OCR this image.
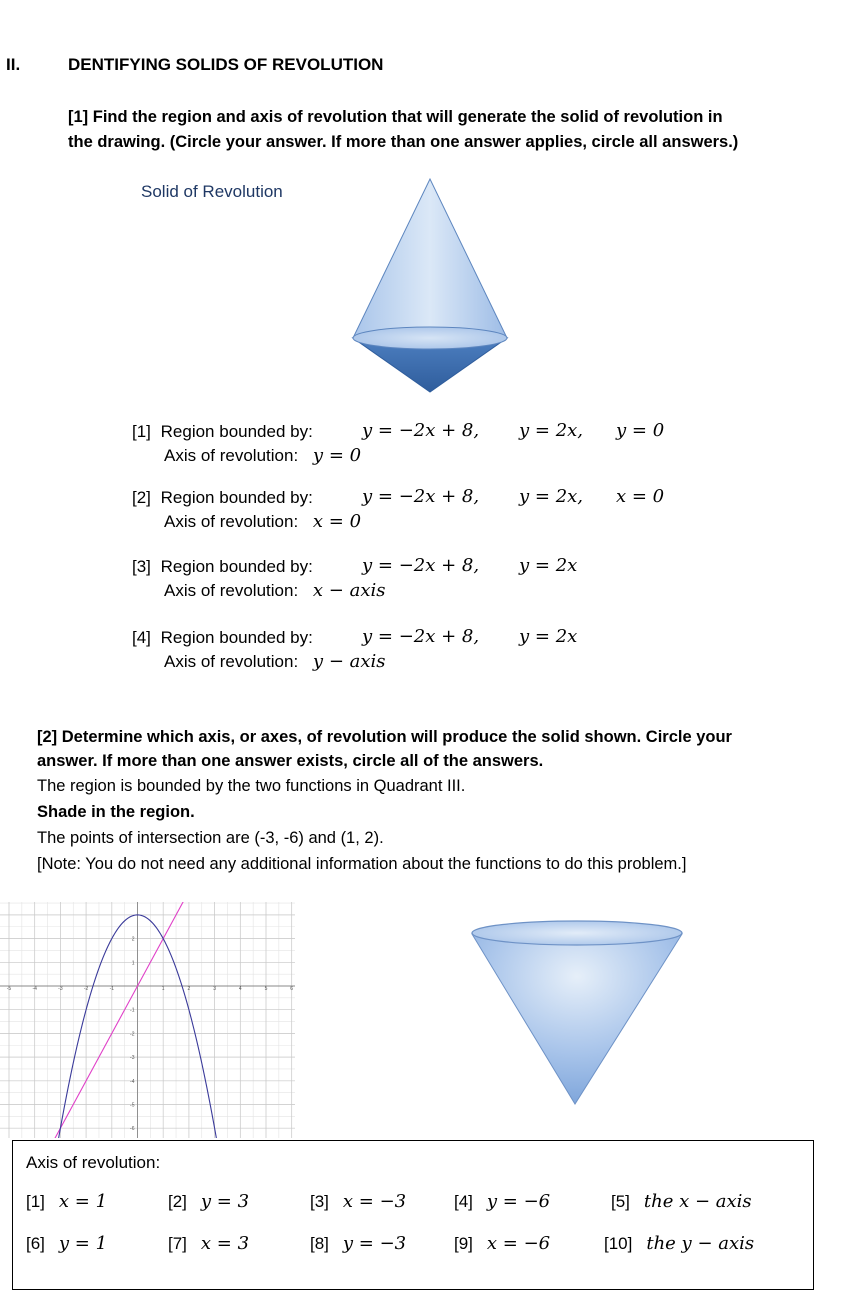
II.	DENTIFYING SOLIDS OF REVOLUTION
[1] Find the region and axis of revolution that will generate the solid of revolution in
the drawing. (Circle your answer. If more than one answer applies, circle all answers.)
Solid of Revolution
[1] Region bounded by:	y = −2x + 8, y = 2x, y = 0
Axis of revolution: y = 0
[2] Region bounded by:	y = −2x + 8, y = 2x, x = 0
Axis of revolution: x = 0
[3] Region bounded by:	y = −2x + 8, y = 2x
Axis of revolution: x − axis
[4] Region bounded by:	y = −2x + 8, y = 2x
Axis of revolution: y − axis
[2] Determine which axis, or axes, of revolution will produce the solid shown. Circle your
answer. If more than one answer exists, circle all of the answers.
The region is bounded by the two functions in Quadrant III.
Shade in the region.
The points of intersection are (-3, -6) and (1, 2).
[Note: You do not need any additional information about the functions to do this problem.]
-5	-4	-3	-2	-1	1	2	3	4	5	6
2
1
-1
-2
-3
-4
-5
-6
Axis of revolution:
[1] x = 1	[2] y = 3	[3] x = −3	[4] y = −6	[5] the x − axis
[6] y = 1	[7] x = 3	[8] y = −3	[9] x = −6	[10] the y − axis
